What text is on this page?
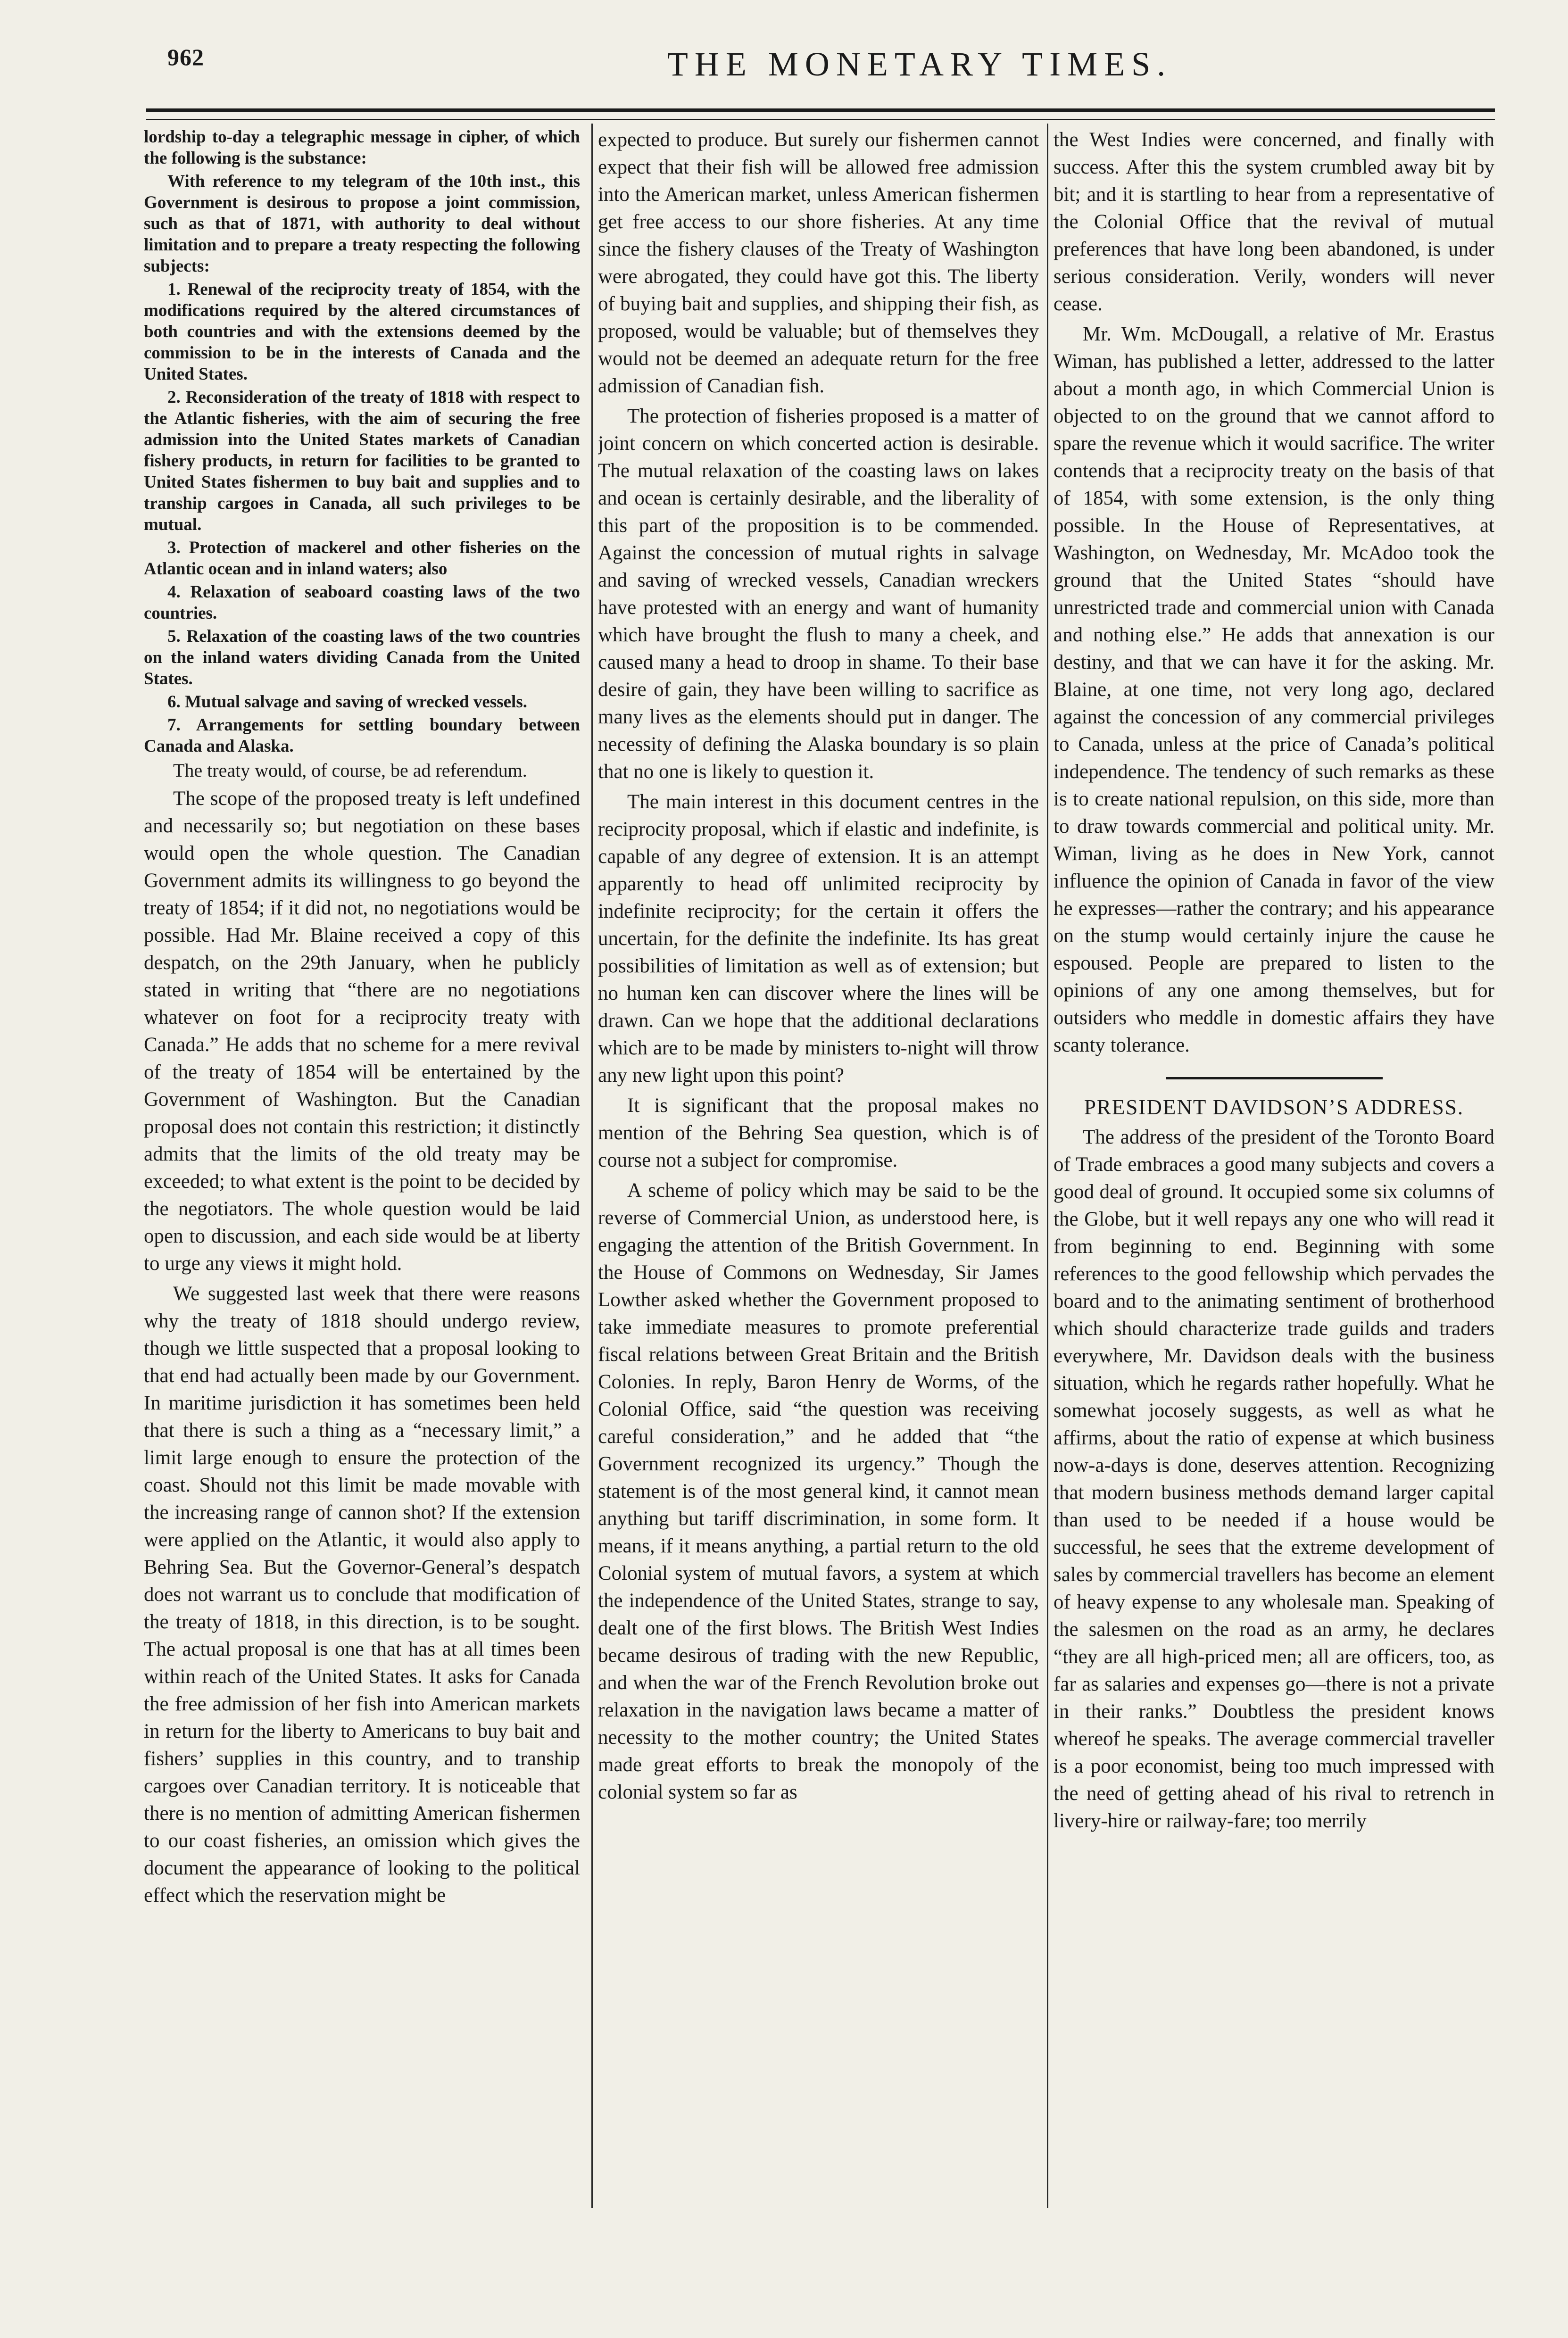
962	THE MONETARY TIMES.

lordship to-day a telegraphic message in cipher, of which the following is the substance:

With reference to my telegram of the 10th inst., this Government is desirous to propose a joint commission, such as that of 1871, with authority to deal without limitation and to prepare a treaty respecting the following subjects:

1. Renewal of the reciprocity treaty of 1854, with the modifications required by the altered circumstances of both countries and with the extensions deemed by the commission to be in the interests of Canada and the United States.

2. Reconsideration of the treaty of 1818 with respect to the Atlantic fisheries, with the aim of securing the free admission into the United States markets of Canadian fishery products, in return for facilities to be granted to United States fishermen to buy bait and supplies and to tranship cargoes in Canada, all such privileges to be mutual.

3. Protection of mackerel and other fisheries on the Atlantic ocean and in inland waters; also

4. Relaxation of seaboard coasting laws of the two countries.

5. Relaxation of the coasting laws of the two countries on the inland waters dividing Canada from the United States.

6. Mutual salvage and saving of wrecked vessels.

7. Arrangements for settling boundary between Canada and Alaska.

The treaty would, of course, be ad referendum.

The scope of the proposed treaty is left undefined and necessarily so; but negotiation on these bases would open the whole question. The Canadian Government admits its willingness to go beyond the treaty of 1854; if it did not, no negotiations would be possible. Had Mr. Blaine received a copy of this despatch, on the 29th January, when he publicly stated in writing that “there are no negotiations whatever on foot for a reciprocity treaty with Canada.” He adds that no scheme for a mere revival of the treaty of 1854 will be entertained by the Government of Washington. But the Canadian proposal does not contain this restriction; it distinctly admits that the limits of the old treaty may be exceeded; to what extent is the point to be decided by the negotiators. The whole question would be laid open to discussion, and each side would be at liberty to urge any views it might hold.

We suggested last week that there were reasons why the treaty of 1818 should undergo review, though we little suspected that a proposal looking to that end had actually been made by our Government. In maritime jurisdiction it has sometimes been held that there is such a thing as a “necessary limit,” a limit large enough to ensure the protection of the coast. Should not this limit be made movable with the increasing range of cannon shot? If the extension were applied on the Atlantic, it would also apply to Behring Sea. But the Governor-General’s despatch does not warrant us to conclude that modification of the treaty of 1818, in this direction, is to be sought. The actual proposal is one that has at all times been within reach of the United States. It asks for Canada the free admission of her fish into American markets in return for the liberty to Americans to buy bait and fishers’ supplies in this country, and to tranship cargoes over Canadian territory. It is noticeable that there is no mention of admitting American fishermen to our coast fisheries, an omission which gives the document the appearance of looking to the political effect which the reservation might be

expected to produce. But surely our fishermen cannot expect that their fish will be allowed free admission into the American market, unless American fishermen get free access to our shore fisheries. At any time since the fishery clauses of the Treaty of Washington were abrogated, they could have got this. The liberty of buying bait and supplies, and shipping their fish, as proposed, would be valuable; but of themselves they would not be deemed an adequate return for the free admission of Canadian fish.

The protection of fisheries proposed is a matter of joint concern on which concerted action is desirable. The mutual relaxation of the coasting laws on lakes and ocean is certainly desirable, and the liberality of this part of the proposition is to be commended. Against the concession of mutual rights in salvage and saving of wrecked vessels, Canadian wreckers have protested with an energy and want of humanity which have brought the flush to many a cheek, and caused many a head to droop in shame. To their base desire of gain, they have been willing to sacrifice as many lives as the elements should put in danger. The necessity of defining the Alaska boundary is so plain that no one is likely to question it.

The main interest in this document centres in the reciprocity proposal, which if elastic and indefinite, is capable of any degree of extension. It is an attempt apparently to head off unlimited reciprocity by indefinite reciprocity; for the certain it offers the uncertain, for the definite the indefinite. Its has great possibilities of limitation as well as of extension; but no human ken can discover where the lines will be drawn. Can we hope that the additional declarations which are to be made by ministers to-night will throw any new light upon this point?

It is significant that the proposal makes no mention of the Behring Sea question, which is of course not a subject for compromise.

A scheme of policy which may be said to be the reverse of Commercial Union, as understood here, is engaging the attention of the British Government. In the House of Commons on Wednesday, Sir James Lowther asked whether the Government proposed to take immediate measures to promote preferential fiscal relations between Great Britain and the British Colonies. In reply, Baron Henry de Worms, of the Colonial Office, said “the question was receiving careful consideration,” and he added that “the Government recognized its urgency.” Though the statement is of the most general kind, it cannot mean anything but tariff discrimination, in some form. It means, if it means anything, a partial return to the old Colonial system of mutual favors, a system at which the independence of the United States, strange to say, dealt one of the first blows. The British West Indies became desirous of trading with the new Republic, and when the war of the French Revolution broke out relaxation in the navigation laws became a matter of necessity to the mother country; the United States made great efforts to break the monopoly of the colonial system so far as

the West Indies were concerned, and finally with success. After this the system crumbled away bit by bit; and it is startling to hear from a representative of the Colonial Office that the revival of mutual preferences that have long been abandoned, is under serious consideration. Verily, wonders will never cease.

Mr. Wm. McDougall, a relative of Mr. Erastus Wiman, has published a letter, addressed to the latter about a month ago, in which Commercial Union is objected to on the ground that we cannot afford to spare the revenue which it would sacrifice. The writer contends that a reciprocity treaty on the basis of that of 1854, with some extension, is the only thing possible. In the House of Representatives, at Washington, on Wednesday, Mr. McAdoo took the ground that the United States “should have unrestricted trade and commercial union with Canada and nothing else.” He adds that annexation is our destiny, and that we can have it for the asking. Mr. Blaine, at one time, not very long ago, declared against the concession of any commercial privileges to Canada, unless at the price of Canada’s political independence. The tendency of such remarks as these is to create national repulsion, on this side, more than to draw towards commercial and political unity. Mr. Wiman, living as he does in New York, cannot influence the opinion of Canada in favor of the view he expresses—rather the contrary; and his appearance on the stump would certainly injure the cause he espoused. People are prepared to listen to the opinions of any one among themselves, but for outsiders who meddle in domestic affairs they have scanty tolerance.

PRESIDENT DAVIDSON’S ADDRESS.

The address of the president of the Toronto Board of Trade embraces a good many subjects and covers a good deal of ground. It occupied some six columns of the Globe, but it well repays any one who will read it from beginning to end. Beginning with some references to the good fellowship which pervades the board and to the animating sentiment of brotherhood which should characterize trade guilds and traders everywhere, Mr. Davidson deals with the business situation, which he regards rather hopefully. What he somewhat jocosely suggests, as well as what he affirms, about the ratio of expense at which business now-a-days is done, deserves attention. Recognizing that modern business methods demand larger capital than used to be needed if a house would be successful, he sees that the extreme development of sales by commercial travellers has become an element of heavy expense to any wholesale man. Speaking of the salesmen on the road as an army, he declares “they are all high-priced men; all are officers, too, as far as salaries and expenses go—there is not a private in their ranks.” Doubtless the president knows whereof he speaks. The average commercial traveller is a poor economist, being too much impressed with the need of getting ahead of his rival to retrench in livery-hire or railway-fare; too merrily
